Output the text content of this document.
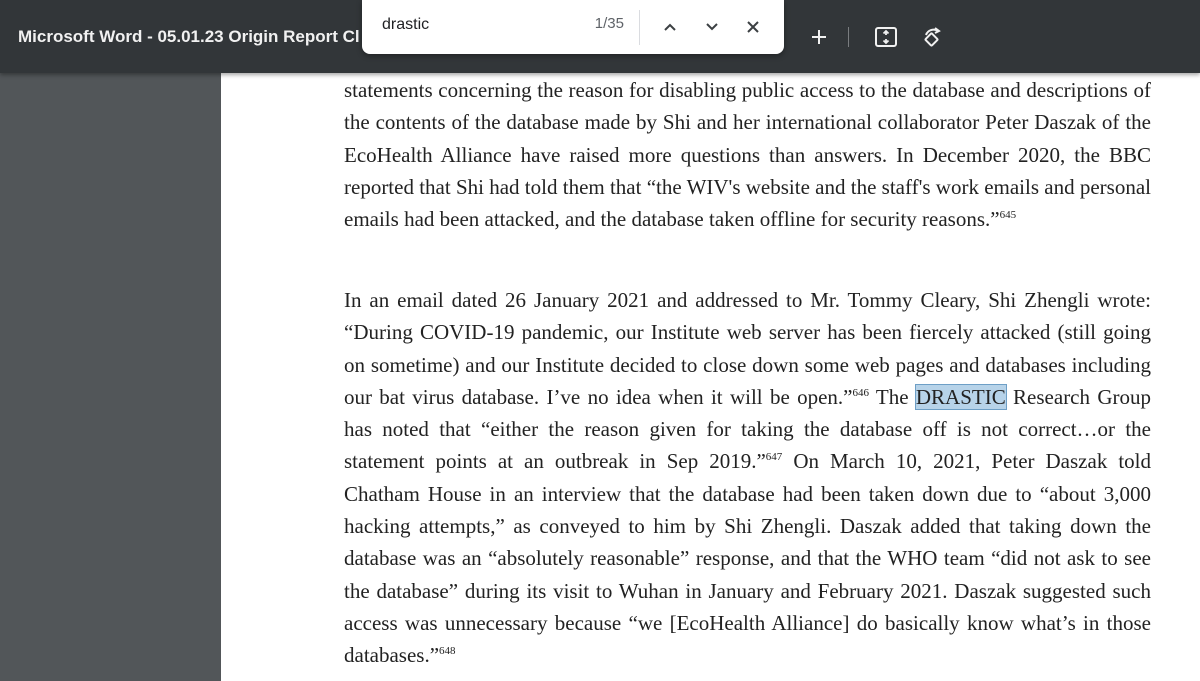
Microsoft Word - 05.01.23 Origin Report Cl
drastic
1/35

statements concerning the reason for disabling public access to the database and descriptions of the contents of the database made by Shi and her international collaborator Peter Daszak of the EcoHealth Alliance have raised more questions than answers. In December 2020, the BBC reported that Shi had told them that “the WIV's website and the staff's work emails and personal emails had been attacked, and the database taken offline for security reasons.”$^{645}$

In an email dated 26 January 2021 and addressed to Mr. Tommy Cleary, Shi Zhengli wrote: “During COVID-19 pandemic, our Institute web server has been fiercely attacked (still going on sometime) and our Institute decided to close down some web pages and databases including our bat virus database. I’ve no idea when it will be open.”$^{646}$ The DRASTIC Research Group has noted that “either the reason given for taking the database off is not correct…or the statement points at an outbreak in Sep 2019.”$^{647}$ On March 10, 2021, Peter Daszak told Chatham House in an interview that the database had been taken down due to “about 3,000 hacking attempts,” as conveyed to him by Shi Zhengli. Daszak added that taking down the database was an “absolutely reasonable” response, and that the WHO team “did not ask to see the database” during its visit to Wuhan in January and February 2021. Daszak suggested such access was unnecessary because “we [EcoHealth Alliance] do basically know what’s in those databases.”$^{648}$
